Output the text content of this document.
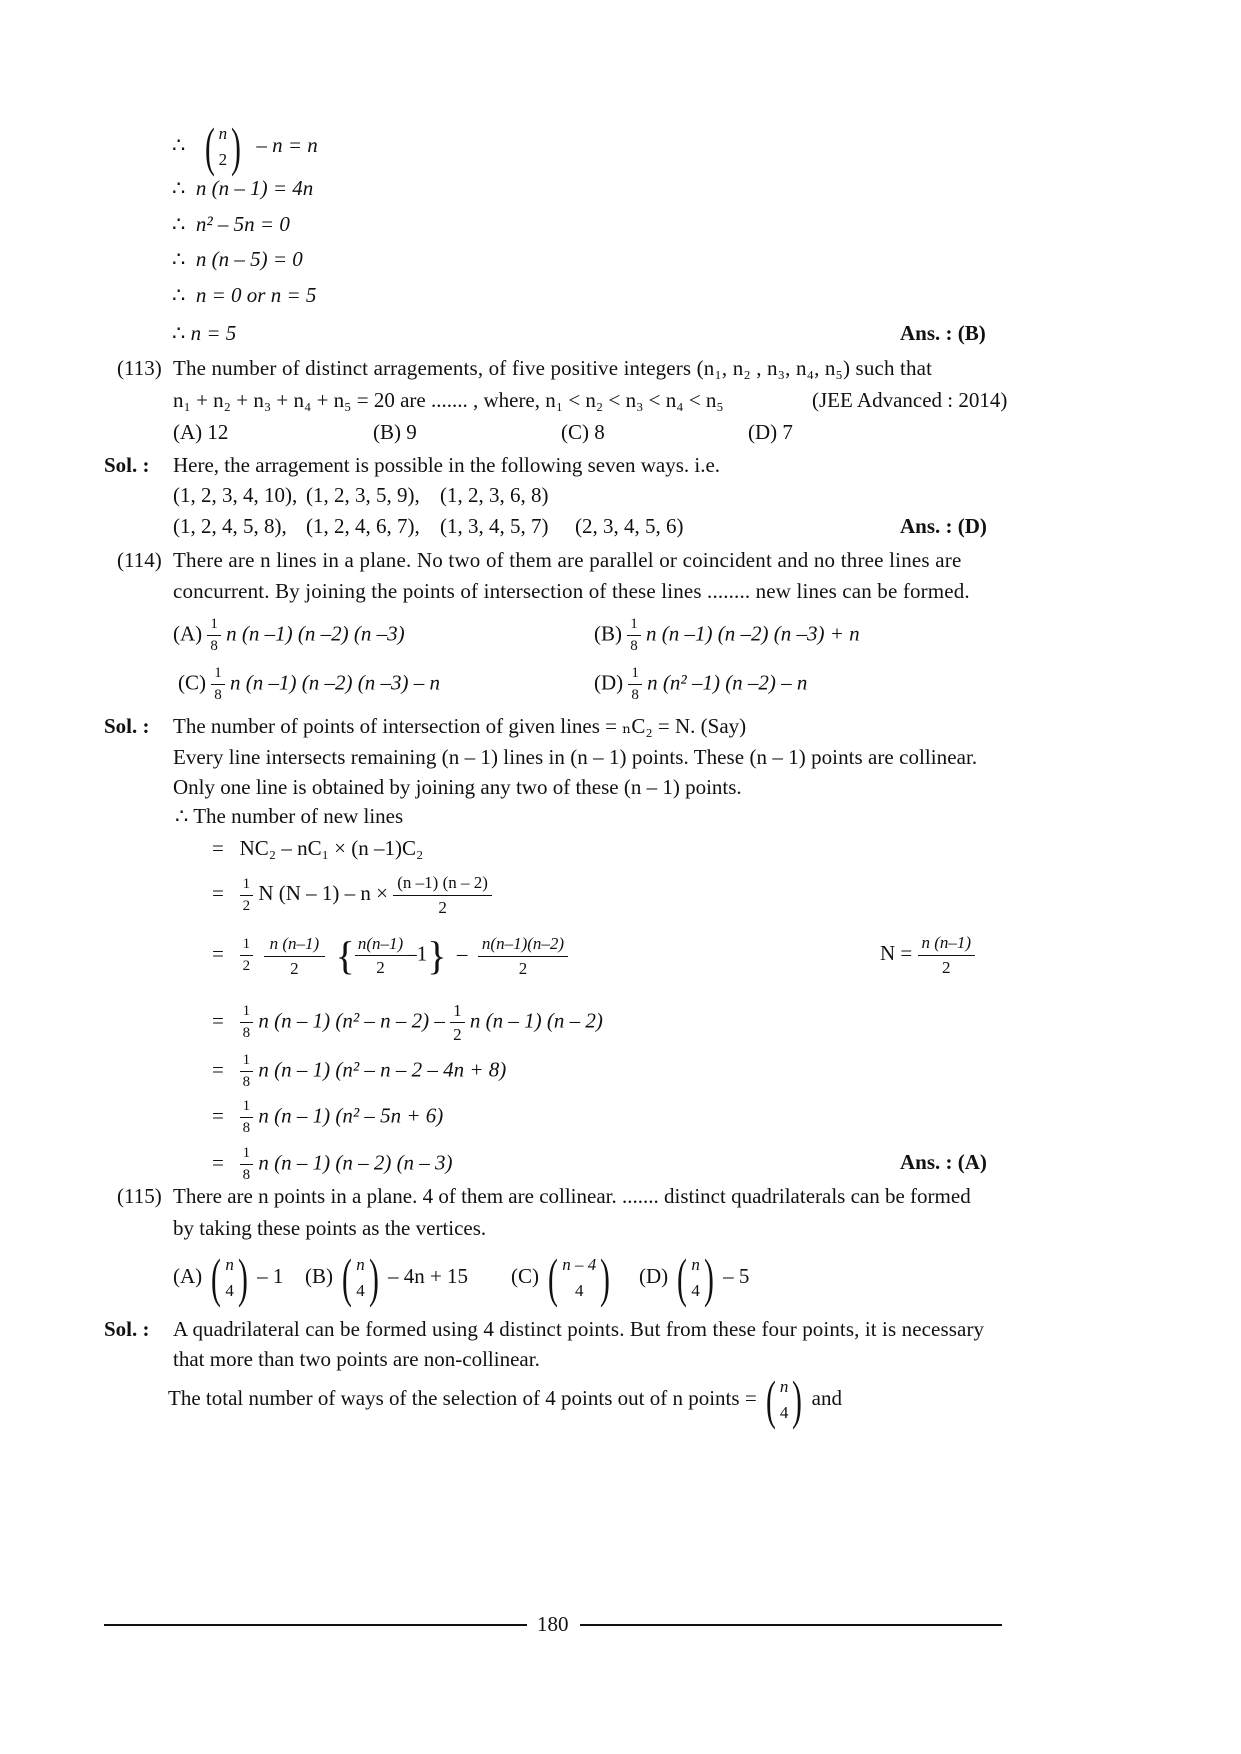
∴ ( n
2 ) – n = n
∴ n (n – 1) = 4n
∴ n² – 5n = 0
∴ n (n – 5) = 0
∴ n = 0 or n = 5
∴ n = 5	Ans. : (B)
(113) The number of distinct arragements, of five positive integers (n₁, n₂ , n₃, n₄, n₅) such that
n₁ + n₂ + n₃ + n₄ + n₅ = 20 are ....... , where, n₁ < n₂ < n₃ < n₄ < n₅	(JEE Advanced : 2014)
(A) 12	(B) 9	(C) 8	(D) 7
Sol. : Here, the arragement is possible in the following seven ways. i.e.
(1, 2, 3, 4, 10), (1, 2, 3, 5, 9), (1, 2, 3, 6, 8)
(1, 2, 4, 5, 8), (1, 2, 4, 6, 7), (1, 3, 4, 5, 7) (2, 3, 4, 5, 6)	Ans. : (D)
(114) There are n lines in a plane. No two of them are parallel or coincident and no three lines are
concurrent. By joining the points of intersection of these lines ........ new lines can be formed.
$(A) \frac{1}{8}$ n (n –1) (n –2) (n –3)	$(B) \frac{1}{8}$ n (n –1) (n –2) (n –3) + n
$(C) \frac{1}{8}$ n (n –1) (n –2) (n –3) – n	$(D) \frac{1}{8}$ n (n² –1) (n –2) – n
Sol. : The number of points of intersection of given lines = ₙC₂ = N. (Say)
Every line intersects remaining (n – 1) lines in (n – 1) points. These (n – 1) points are collinear.
Only one line is obtained by joining any two of these (n – 1) points.
∴ The number of new lines
= NC₂ – nC₁ × (n –1)C₂
= $\frac{1}{2}$ N $(N - 1) - n \times \frac{(n -1) (n - 2)}{2}$
= $\frac{1}{2}$
$\frac{n (n-1)}{2}$ { $\frac{n(n-1)}{2} -1\} - \frac{n(n-1)(n-2)}{2}$	$N = \frac{n (n-1)}{2}$
= $\frac{1}{8}$ n (n – 1) (n² – n – $2) - \frac{1}{2}$ n (n – 1) (n – 2)
= $\frac{1}{8}$ n (n – 1) (n² – n – 2 – 4n + 8)
= $\frac{1}{8}$ n (n – 1) (n² – 5n + 6)
= $\frac{1}{8}$ n (n – 1) (n – 2) (n – 3)	Ans. : (A)
(115) There are n points in a plane. 4 of them are collinear. ....... distinct quadrilaterals can be formed
by taking these points as the vertices.
(A) ( n
4 ) – 1 (B) ( n
4 ) – 4n + 15 (C) ( n – 4
4 ) (D) ( n
4 ) – 5
Sol. : A quadrilateral can be formed using 4 distinct points. But from these four points, it is necessary
that more than two points are non-collinear.
The total number of ways of the selection of 4 points out of n points = ( n
4 ) and
180
